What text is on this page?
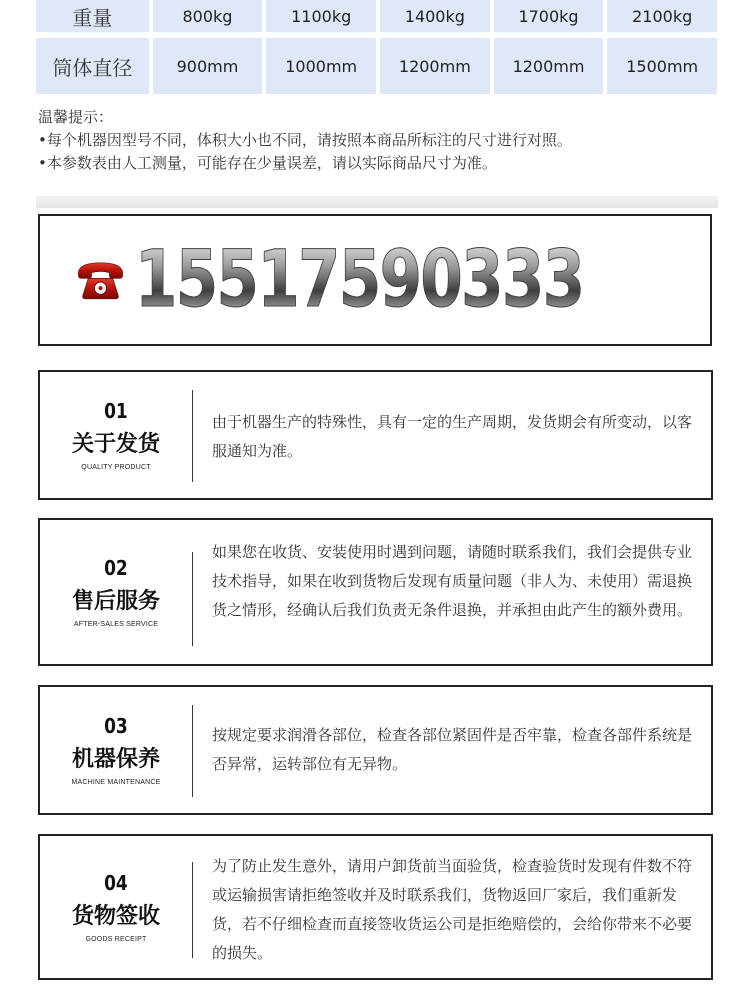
重量	800kg	1100kg	1400kg	1700kg	2100kg
筒体直径	900mm	1000mm	1200mm	1200mm	1500mm
温馨提示：
•每个机器因型号不同，体积大小也不同，请按照本商品所标注的尺寸进行对照。
•本参数表由人工测量，可能存在少量误差，请以实际商品尺寸为准。
15517590333
01
关于发货
QUALITY PRODUCT
由于机器生产的特殊性，具有一定的生产周期，发货期会有所变动，以客服通知为准。
02
售后服务
AFTER-SALES SERVICE
如果您在收货、安装使用时遇到问题，请随时联系我们，我们会提供专业技术指导，如果在收到货物后发现有质量问题（非人为、未使用）需退换货之情形，经确认后我们负责无条件退换，并承担由此产生的额外费用。
03
机器保养
MACHINE MAINTENANCE
按规定要求润滑各部位，检查各部位紧固件是否牢靠，检查各部件系统是否异常，运转部位有无异物。
04
货物签收
GOODS RECEIPT
为了防止发生意外，请用户卸货前当面验货，检查验货时发现有件数不符或运输损害请拒绝签收并及时联系我们，货物返回厂家后，我们重新发货，若不仔细检查而直接签收货运公司是拒绝赔偿的，会给你带来不必要的损失。
